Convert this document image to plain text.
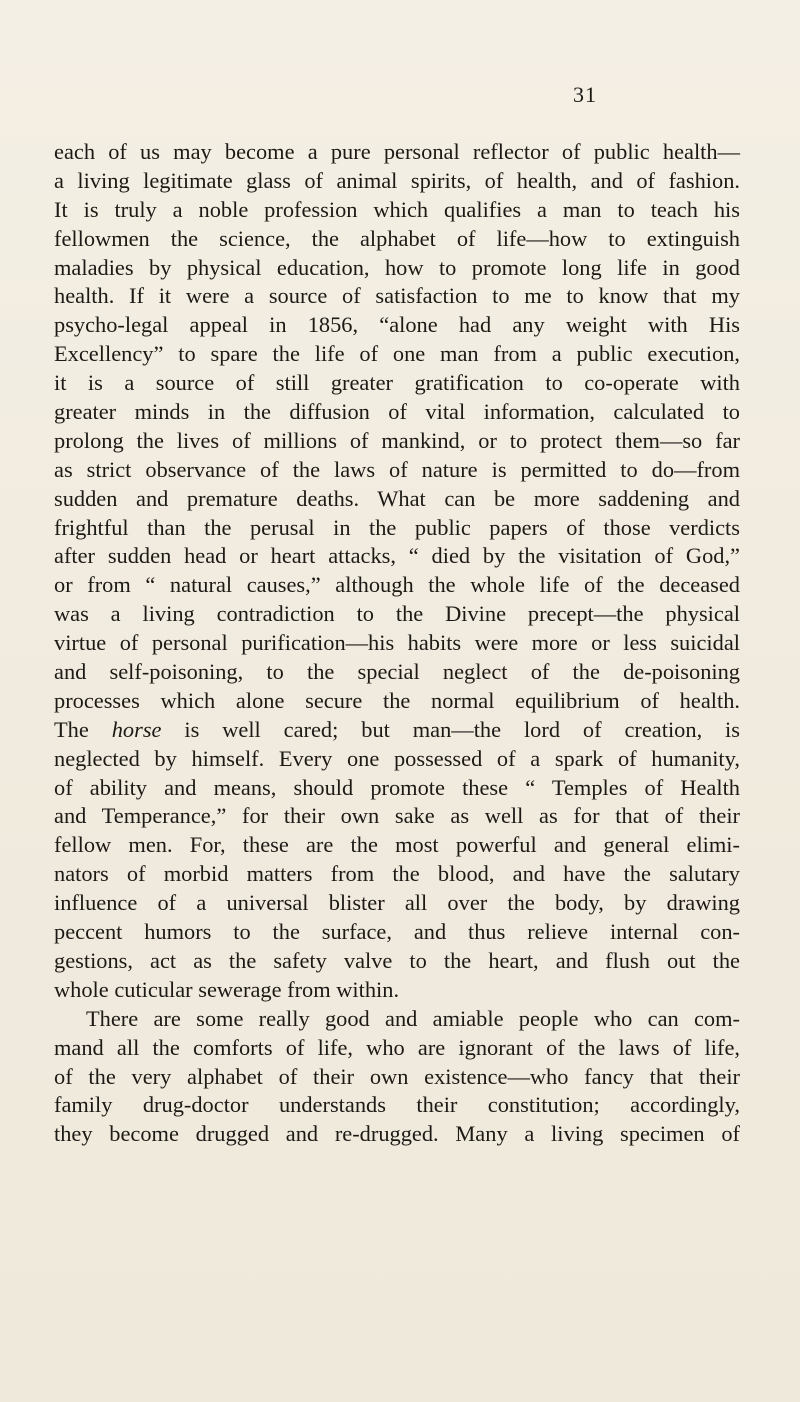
31
each of us may become a pure personal reflector of public health—
a living legitimate glass of animal spirits, of health, and of fashion.
It is truly a noble profession which qualifies a man to teach his
fellowmen the science, the alphabet of life—how to extinguish
maladies by physical education, how to promote long life in good
health. If it were a source of satisfaction to me to know that my
psycho-legal appeal in 1856, “alone had any weight with His
Excellency” to spare the life of one man from a public execution,
it is a source of still greater gratification to co-operate with
greater minds in the diffusion of vital information, calculated to
prolong the lives of millions of mankind, or to protect them—so far
as strict observance of the laws of nature is permitted to do—from
sudden and premature deaths. What can be more saddening and
frightful than the perusal in the public papers of those verdicts
after sudden head or heart attacks, “ died by the visitation of God,”
or from “ natural causes,” although the whole life of the deceased
was a living contradiction to the Divine precept—the physical
virtue of personal purification—his habits were more or less suicidal
and self-poisoning, to the special neglect of the de-poisoning
processes which alone secure the normal equilibrium of health.
The horse is well cared; but man—the lord of creation, is
neglected by himself. Every one possessed of a spark of humanity,
of ability and means, should promote these “ Temples of Health
and Temperance,” for their own sake as well as for that of their
fellow men. For, these are the most powerful and general elimi-
nators of morbid matters from the blood, and have the salutary
influence of a universal blister all over the body, by drawing
peccent humors to the surface, and thus relieve internal con-
gestions, act as the safety valve to the heart, and flush out the
whole cuticular sewerage from within.
There are some really good and amiable people who can com-
mand all the comforts of life, who are ignorant of the laws of life,
of the very alphabet of their own existence—who fancy that their
family drug-doctor understands their constitution; accordingly,
they become drugged and re-drugged. Many a living specimen of
